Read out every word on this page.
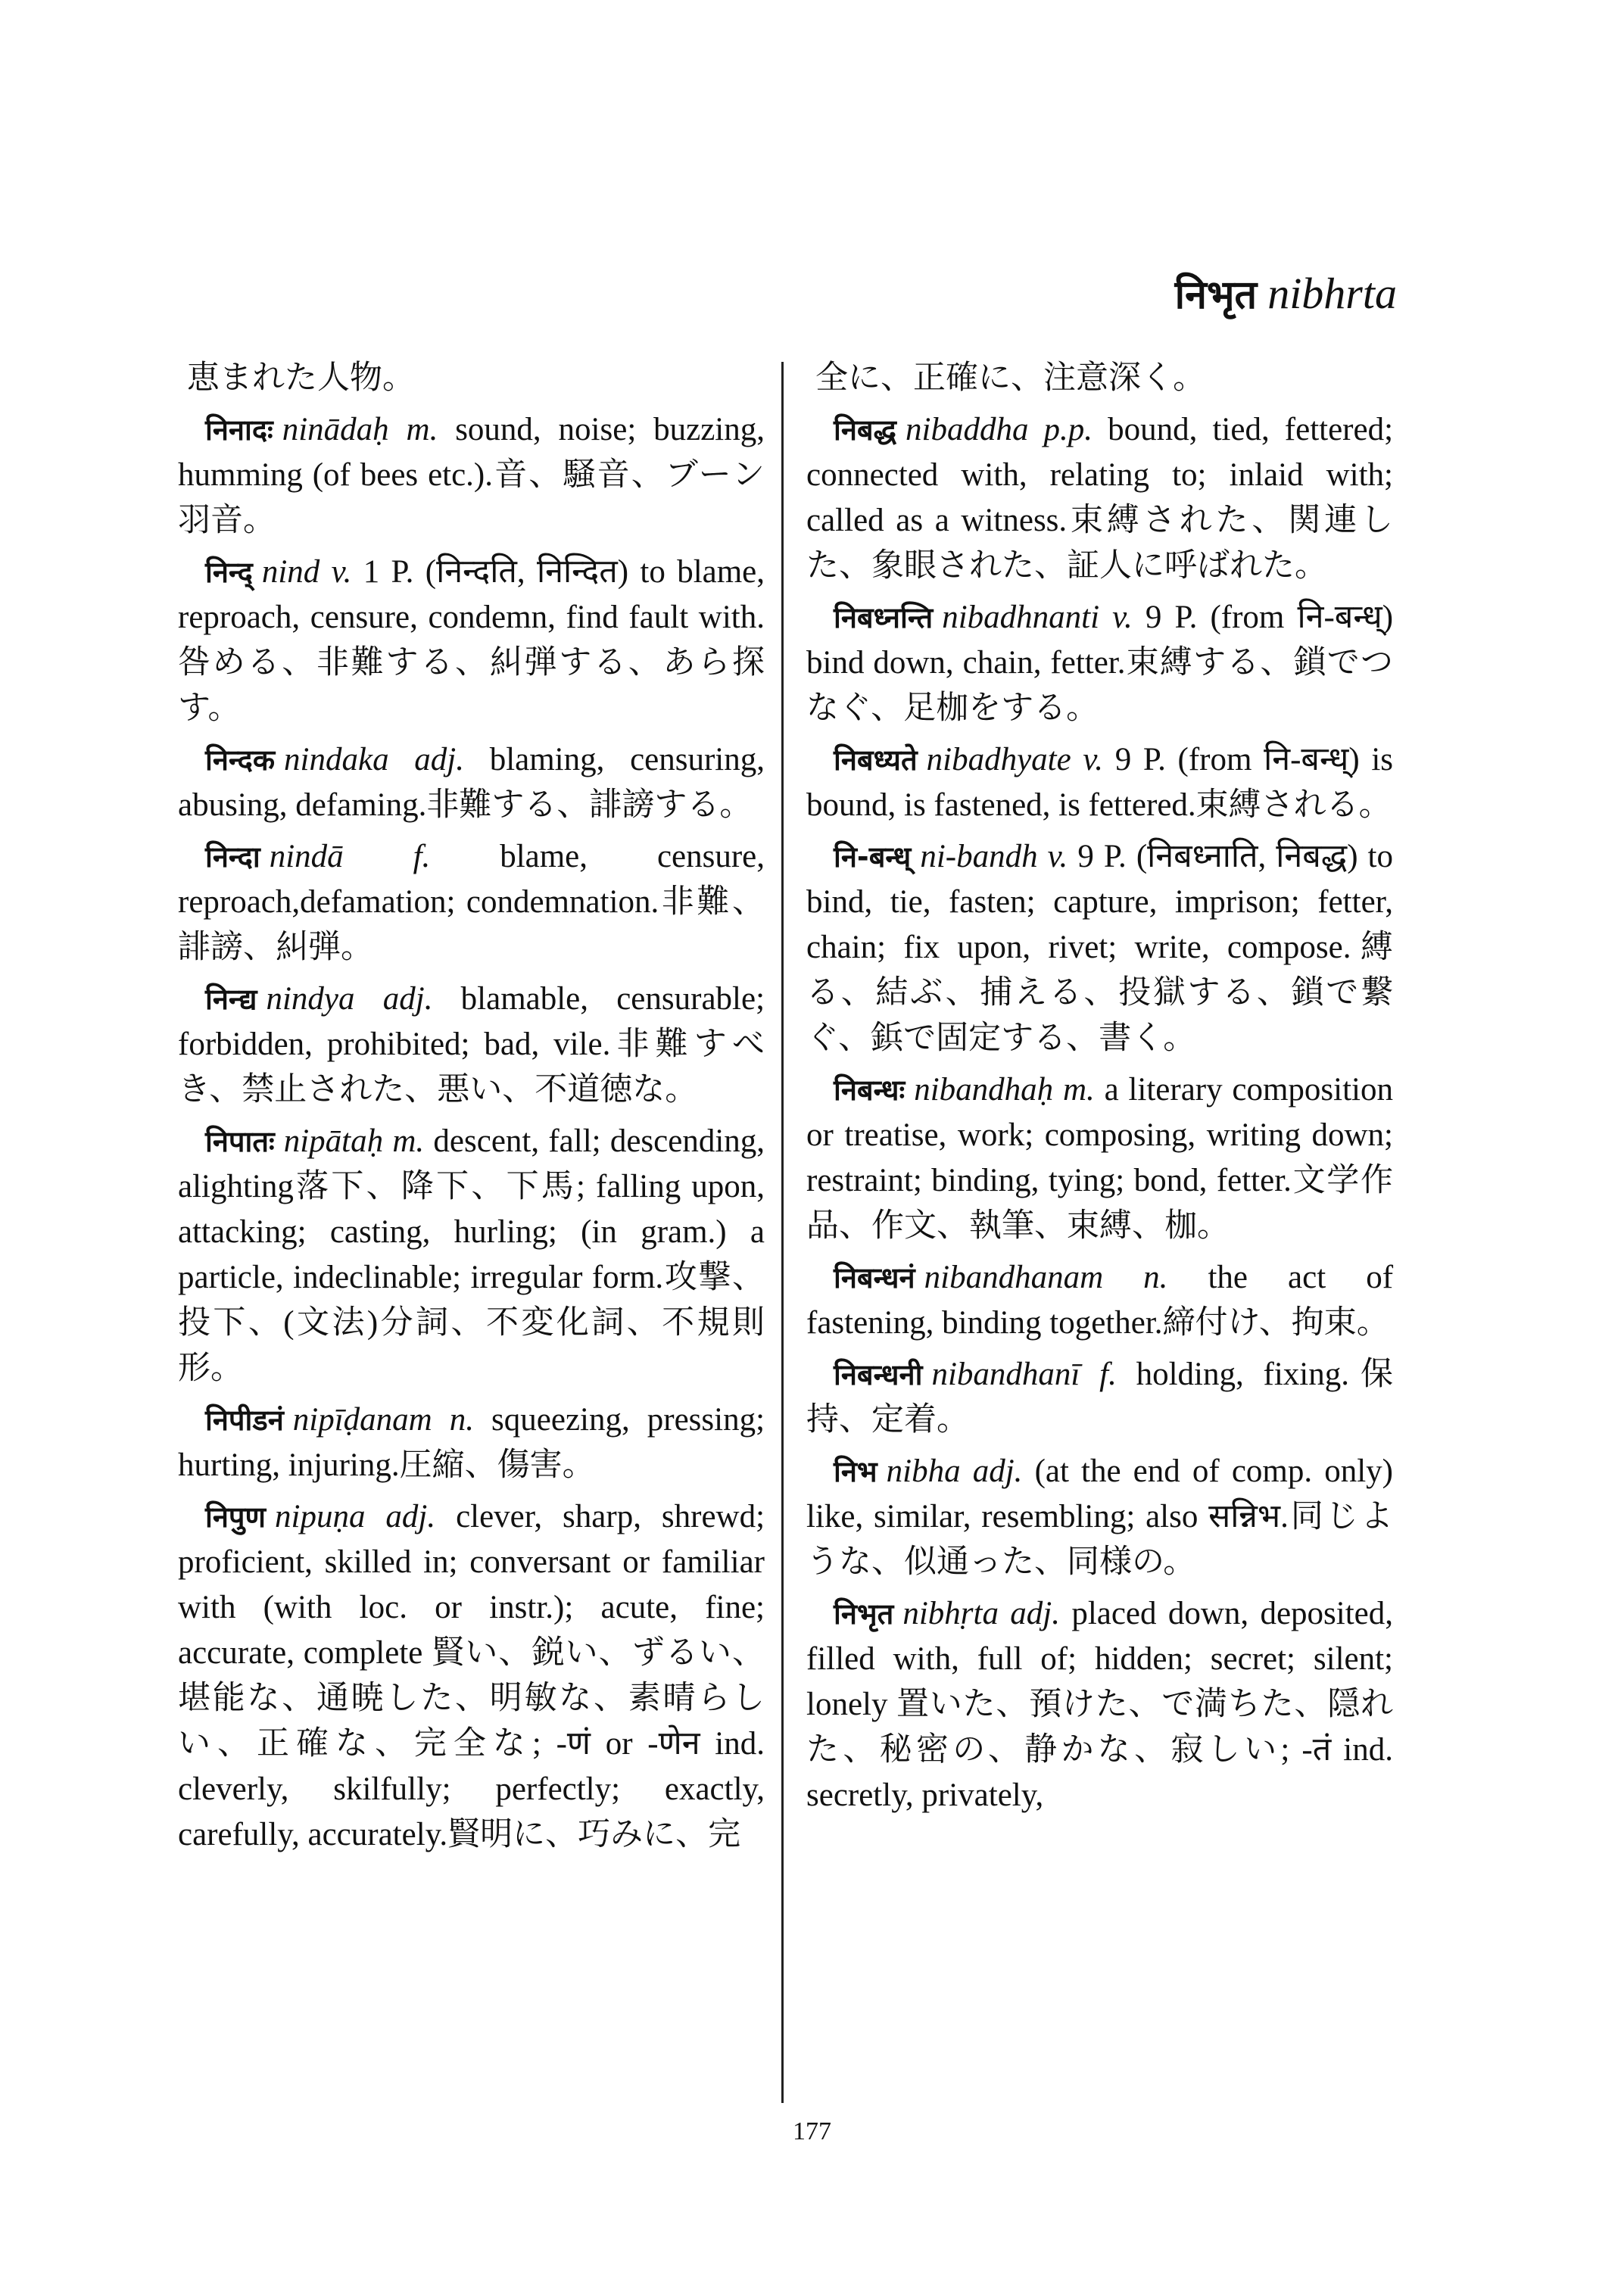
निभृत nibhrta

恵まれた人物。

निनादः ninādaḥ m. sound, noise; buzzing, humming (of bees etc.).音、騒音、ブーン羽音。

निन्द् nind v. 1 P. (निन्दति, निन्दित) to blame, reproach, censure, condemn, find fault with.咎める、非難する、糾弾する、あら探す。

निन्दक nindaka adj. blaming, censuring, abusing, defaming.非難する、誹謗する。

निन्दा nindā f. blame, censure, reproach,defamation; condemnation.非難、誹謗、糾弾。

निन्द्य nindya adj. blamable, censurable; forbidden, prohibited; bad, vile.非難すべき、禁止された、悪い、不道徳な。

निपातः nipātaḥ m. descent, fall; descending, alighting落下、降下、下馬; falling upon, attacking; casting, hurling; (in gram.) a particle, indeclinable; irregular form.攻撃、投下、(文法)分詞、不変化詞、不規則形。

निपीडनं nipīḍanam n. squeezing, pressing; hurting, injuring.圧縮、傷害。

निपुण nipuṇa adj. clever, sharp, shrewd; proficient, skilled in; conversant or familiar with (with loc. or instr.); acute, fine; accurate, complete 賢い、鋭い、ずるい、堪能な、通暁した、明敏な、素晴らしい、正確な、完全な; -णं or -णेन ind. cleverly, skilfully; perfectly; exactly, carefully, accurately.賢明に、巧みに、完

全に、正確に、注意深く。

निबद्ध nibaddha p.p. bound, tied, fettered; connected with, relating to; inlaid with; called as a witness.束縛された、関連した、象眼された、証人に呼ばれた。

निबध्नन्ति nibadhnanti v. 9 P. (from नि-बन्ध्) bind down, chain, fetter.束縛する、鎖でつなぐ、足枷をする。

निबध्यते nibadhyate v. 9 P. (from नि-बन्ध्) is bound, is fastened, is fettered.束縛される。

नि-बन्ध् ni-bandh v. 9 P. (निबध्नाति, निबद्ध) to bind, tie, fasten; capture, imprison; fetter, chain; fix upon, rivet; write, compose.縛る、結ぶ、捕える、投獄する、鎖で繋ぐ、鋲で固定する、書く。

निबन्धः nibandhaḥ m. a literary composition or treatise, work; composing, writing down; restraint; binding, tying; bond, fetter.文学作品、作文、執筆、束縛、枷。

निबन्धनं nibandhanam n. the act of fastening, binding together.締付け、拘束。

निबन्धनी nibandhanī f. holding, fixing.保持、定着。

निभ nibha adj. (at the end of comp. only) like, similar, resembling; also सन्निभ.同じような、似通った、同様の。

निभृत nibhṛta adj. placed down, deposited, filled with, full of; hidden; secret; silent; lonely 置いた、預けた、で満ちた、隠れた、秘密の、静かな、寂しい; -तं ind. secretly, privately,

177
